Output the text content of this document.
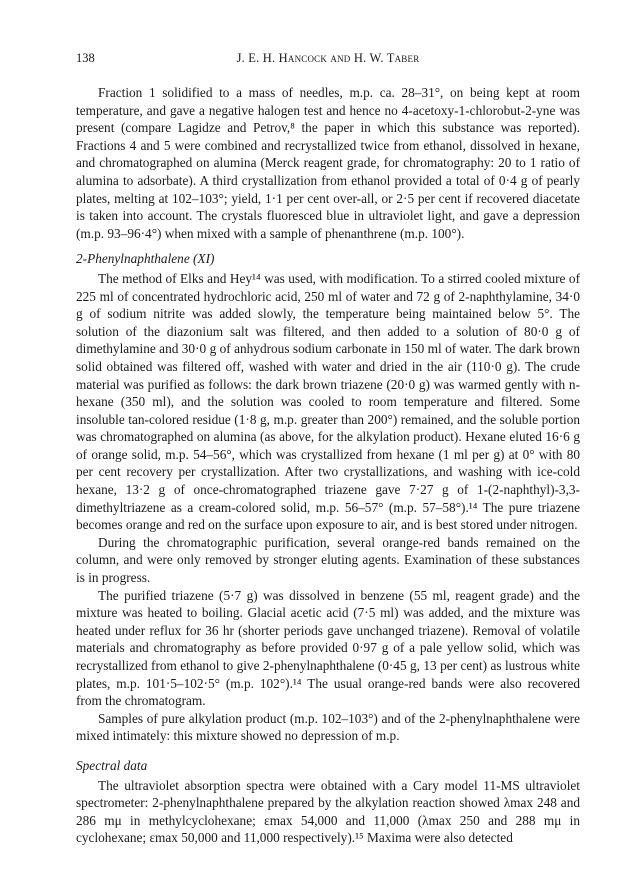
138	J. E. H. Hancock and H. W. Taber

Fraction 1 solidified to a mass of needles, m.p. ca. 28–31°, on being kept at room temperature, and gave a negative halogen test and hence no 4-acetoxy-1-chlorobut-2-yne was present (compare Lagidze and Petrov,⁸ the paper in which this substance was reported). Fractions 4 and 5 were combined and recrystallized twice from ethanol, dissolved in hexane, and chromatographed on alumina (Merck reagent grade, for chromatography: 20 to 1 ratio of alumina to adsorbate). A third crystallization from ethanol provided a total of 0·4 g of pearly plates, melting at 102–103°; yield, 1·1 per cent over-all, or 2·5 per cent if recovered diacetate is taken into account. The crystals fluoresced blue in ultraviolet light, and gave a depression (m.p. 93–96·4°) when mixed with a sample of phenanthrene (m.p. 100°).

2-Phenylnaphthalene (XI)

The method of Elks and Hey¹⁴ was used, with modification. To a stirred cooled mixture of 225 ml of concentrated hydrochloric acid, 250 ml of water and 72 g of 2-naphthylamine, 34·0 g of sodium nitrite was added slowly, the temperature being maintained below 5°. The solution of the diazonium salt was filtered, and then added to a solution of 80·0 g of dimethylamine and 30·0 g of anhydrous sodium carbonate in 150 ml of water. The dark brown solid obtained was filtered off, washed with water and dried in the air (110·0 g). The crude material was purified as follows: the dark brown triazene (20·0 g) was warmed gently with n-hexane (350 ml), and the solution was cooled to room temperature and filtered. Some insoluble tan-colored residue (1·8 g, m.p. greater than 200°) remained, and the soluble portion was chromatographed on alumina (as above, for the alkylation product). Hexane eluted 16·6 g of orange solid, m.p. 54–56°, which was crystallized from hexane (1 ml per g) at 0° with 80 per cent recovery per crystallization. After two crystallizations, and washing with ice-cold hexane, 13·2 g of once-chromatographed triazene gave 7·27 g of 1-(2-naphthyl)-3,3-dimethyltriazene as a cream-colored solid, m.p. 56–57° (m.p. 57–58°).¹⁴ The pure triazene becomes orange and red on the surface upon exposure to air, and is best stored under nitrogen.

During the chromatographic purification, several orange-red bands remained on the column, and were only removed by stronger eluting agents. Examination of these substances is in progress.

The purified triazene (5·7 g) was dissolved in benzene (55 ml, reagent grade) and the mixture was heated to boiling. Glacial acetic acid (7·5 ml) was added, and the mixture was heated under reflux for 36 hr (shorter periods gave unchanged triazene). Removal of volatile materials and chromatography as before provided 0·97 g of a pale yellow solid, which was recrystallized from ethanol to give 2-phenylnaphthalene (0·45 g, 13 per cent) as lustrous white plates, m.p. 101·5–102·5° (m.p. 102°).¹⁴ The usual orange-red bands were also recovered from the chromatogram.

Samples of pure alkylation product (m.p. 102–103°) and of the 2-phenylnaphthalene were mixed intimately: this mixture showed no depression of m.p.

Spectral data

The ultraviolet absorption spectra were obtained with a Cary model 11-MS ultraviolet spectrometer: 2-phenylnaphthalene prepared by the alkylation reaction showed λmax 248 and 286 mμ in methylcyclohexane; εmax 54,000 and 11,000 (λmax 250 and 288 mμ in cyclohexane; εmax 50,000 and 11,000 respectively).¹⁵ Maxima were also detected
